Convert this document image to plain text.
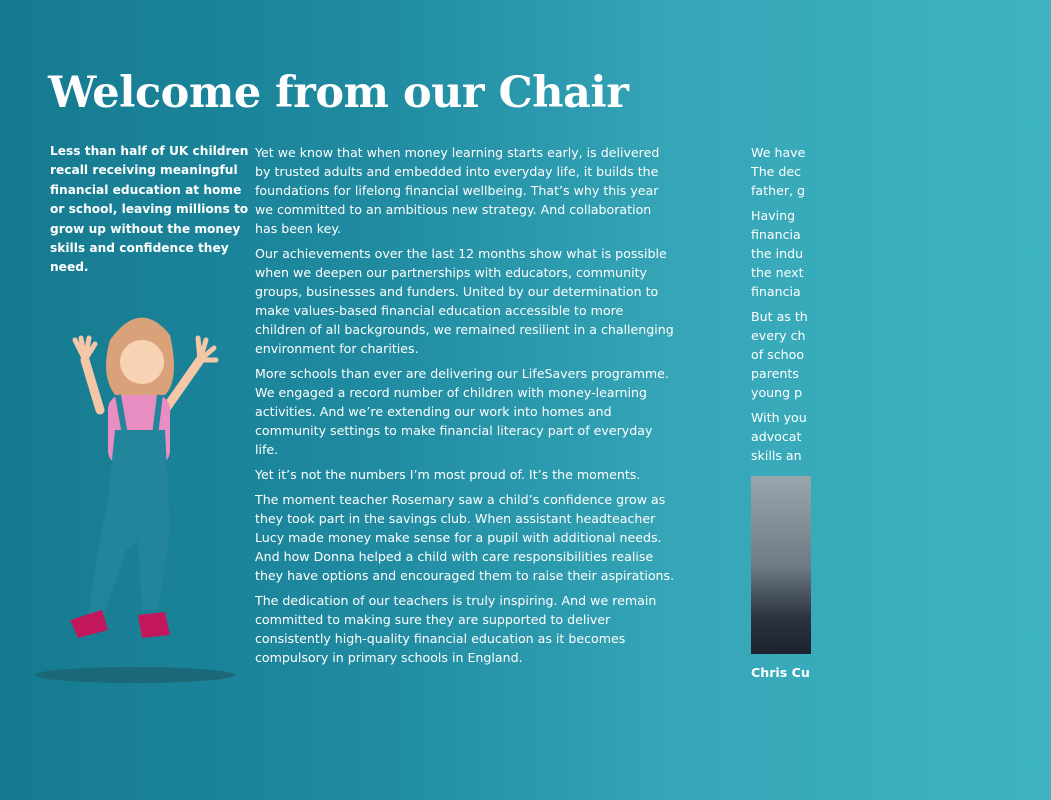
Welcome from our Chair
Less than half of UK children recall receiving meaningful financial education at home or school, leaving millions to grow up without the money skills and confidence they need.

Yet we know that when money learning starts early, is delivered by trusted adults and embedded into everyday life, it builds the foundations for lifelong financial wellbeing. That’s why this year we committed to an ambitious new strategy. And collaboration has been key.

Our achievements over the last 12 months show what is possible when we deepen our partnerships with educators, community groups, businesses and funders. United by our determination to make values-based financial education accessible to more children of all backgrounds, we remained resilient in a challenging environment for charities.

More schools than ever are delivering our LifeSavers programme. We engaged a record number of children with money-learning activities. And we’re extending our work into homes and community settings to make financial literacy part of everyday life.

Yet it’s not the numbers I’m most proud of. It’s the moments.

The moment teacher Rosemary saw a child’s confidence grow as they took part in the savings club. When assistant headteacher Lucy made money make sense for a pupil with additional needs. And how Donna helped a child with care responsibilities realise they have options and encouraged them to raise their aspirations.

The dedication of our teachers is truly inspiring. And we remain committed to making sure they are supported to deliver consistently high-quality financial education as it becomes compulsory in primary schools in England.

We have
The dec
father, g

Having
financia
the indu
the next
financia

But as th
every ch
of schoo
parents
young p

With you
advocat
skills an

Chris Cu
